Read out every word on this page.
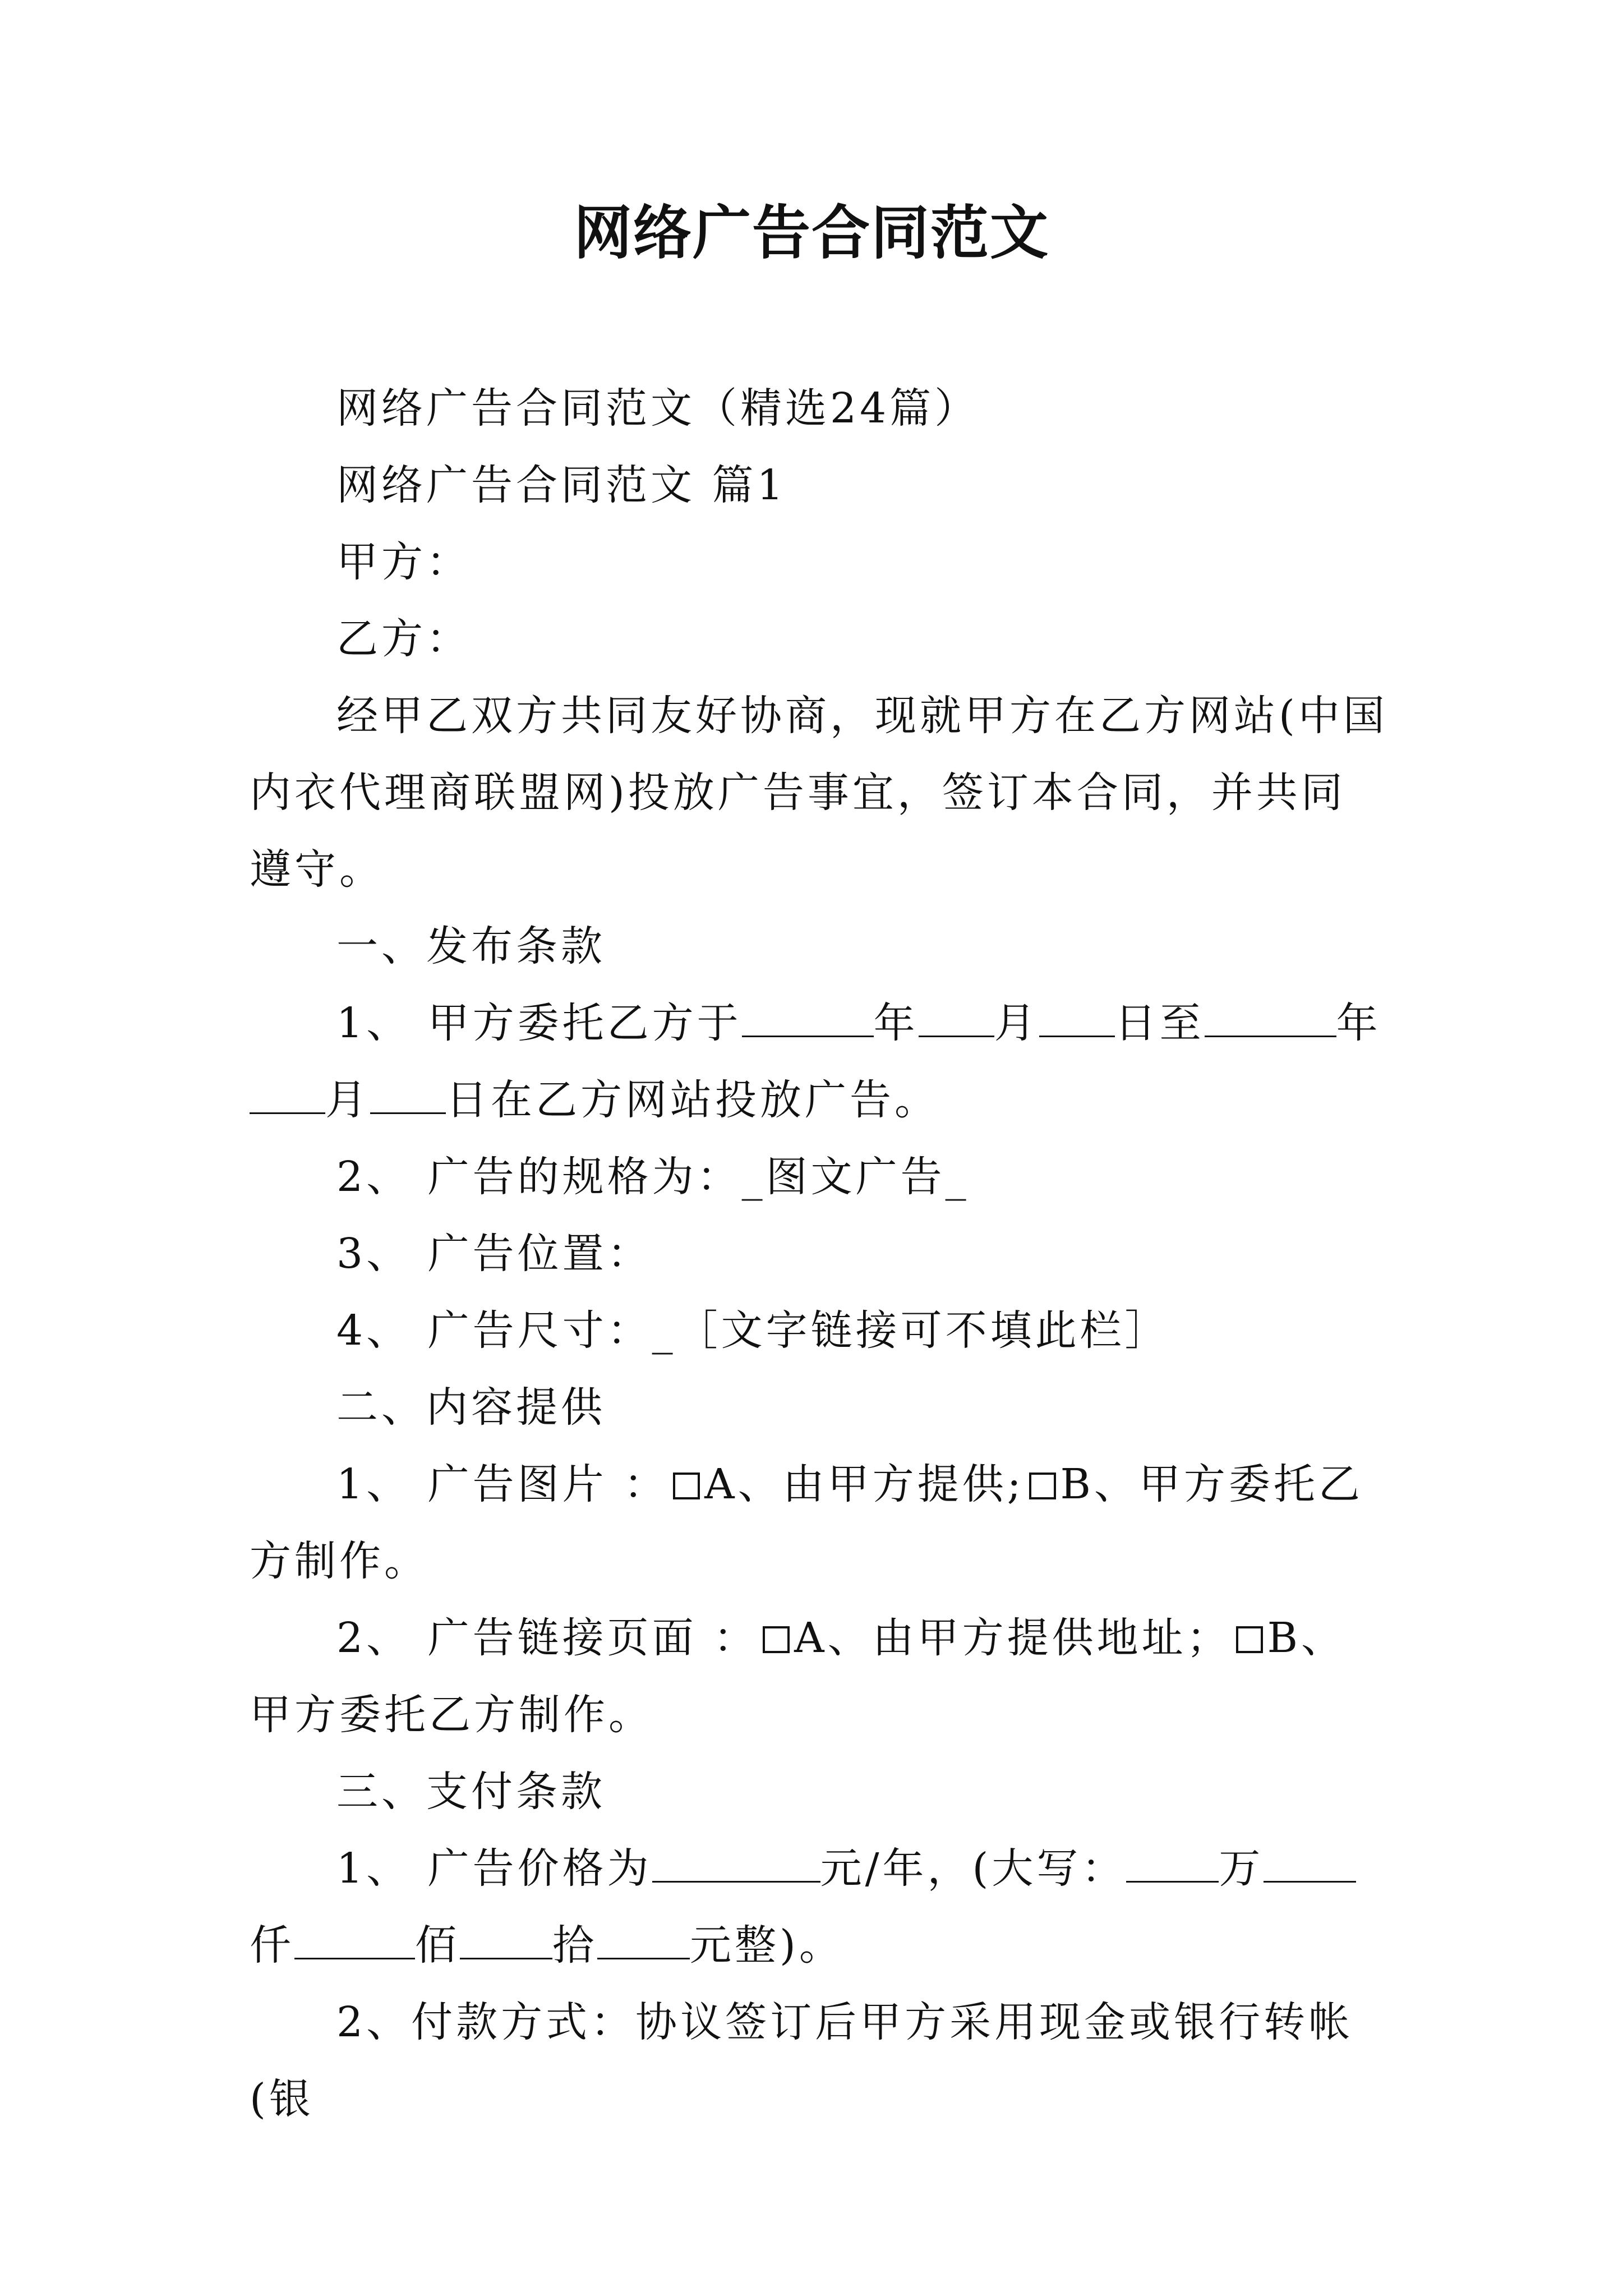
网络广告合同范文

网络广告合同范文（精选24篇）

网络广告合同范文 篇1

甲方：

乙方：

经甲乙双方共同友好协商，现就甲方在乙方网站(中国内衣代理商联盟网)投放广告事宜，签订本合同，并共同遵守。

一、发布条款

1、 甲方委托乙方于	年 月 日至	年月 日在乙方网站投放广告。

2、 广告的规格为：_图文广告_

3、 广告位置：

4、 广告尺寸：_［文字链接可不填此栏］

二、内容提供

1、 广告图片 ： A、由甲方提供; B、甲方委托乙方制作。

2、 广告链接页面 ： A、由甲方提供地址； B、甲方委托乙方制作。

三、支付条款

1、 广告价格为	元/年，(大写： 万仟	佰 拾 元整)。

2、付款方式：协议签订后甲方采用现金或银行转帐(银
